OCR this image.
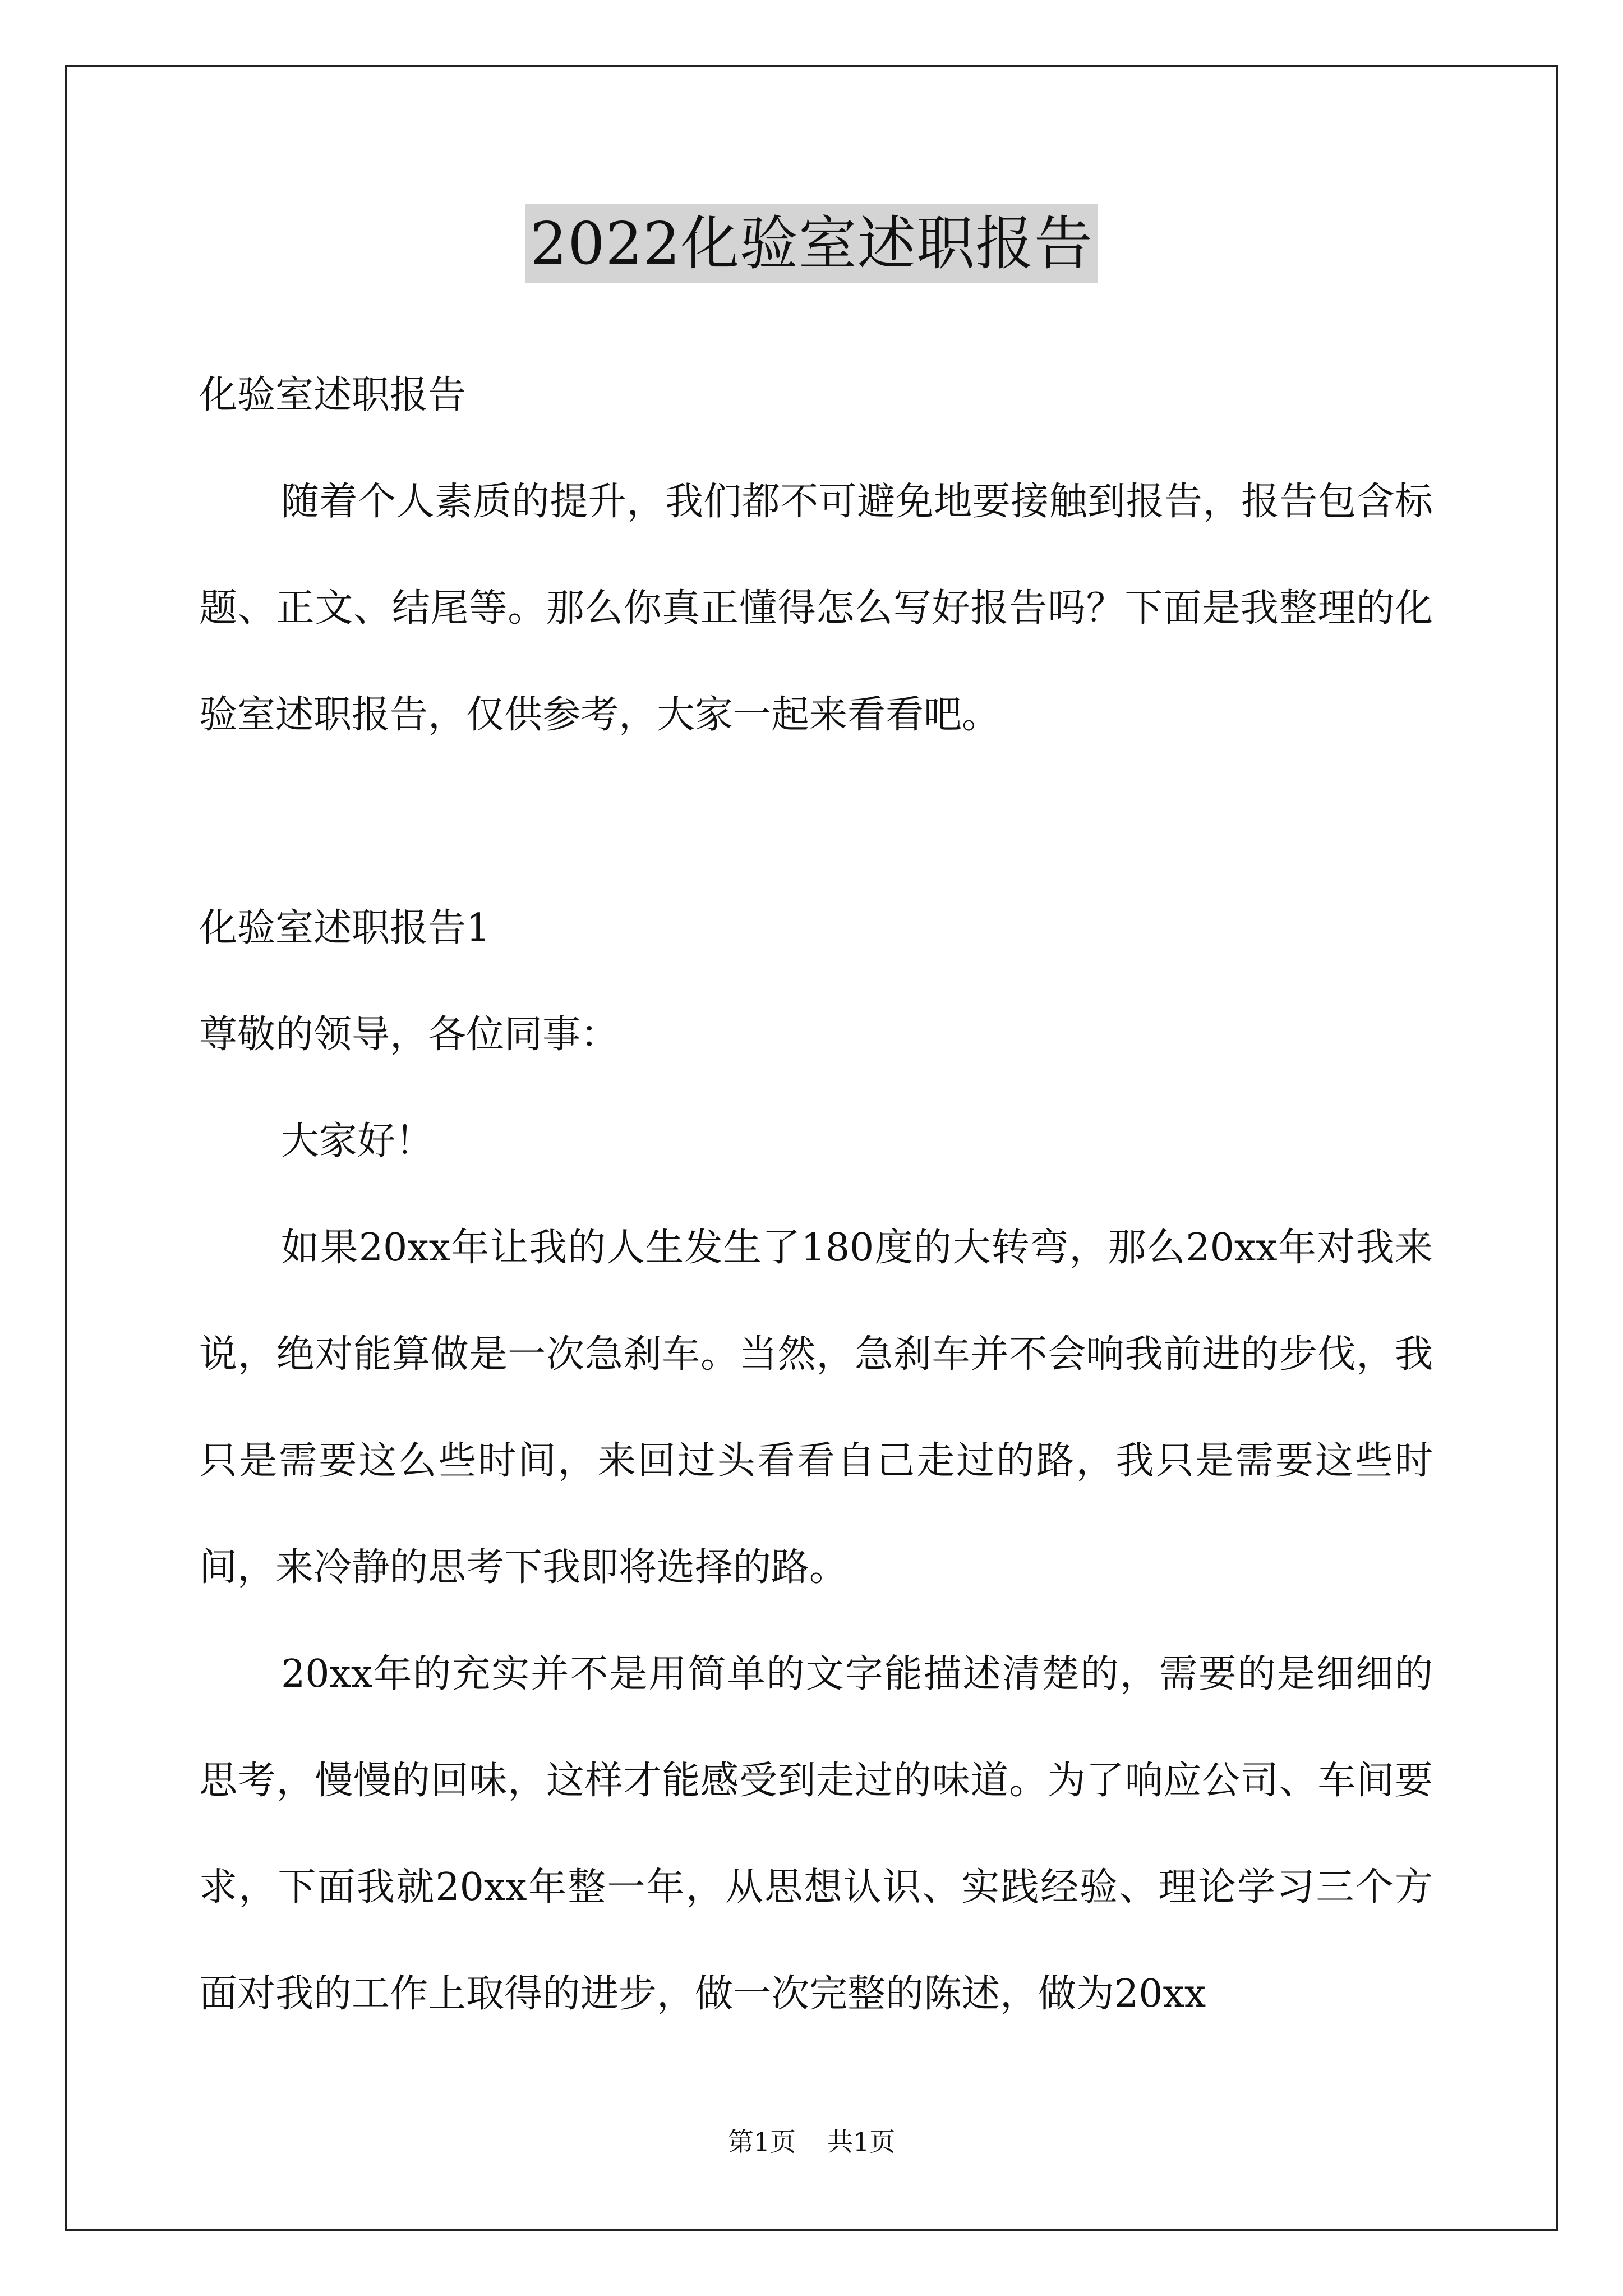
2022化验室述职报告

化验室述职报告

随着个人素质的提升，我们都不可避免地要接触到报告，报告包含标题、正文、结尾等。那么你真正懂得怎么写好报告吗？下面是我整理的化验室述职报告，仅供参考，大家一起来看看吧。

化验室述职报告1

尊敬的领导，各位同事：

大家好！

如果20xx年让我的人生发生了180度的大转弯，那么20xx年对我来说，绝对能算做是一次急刹车。当然，急刹车并不会响我前进的步伐，我只是需要这么些时间，来回过头看看自己走过的路，我只是需要这些时间，来冷静的思考下我即将选择的路。

20xx年的充实并不是用简单的文字能描述清楚的，需要的是细细的思考，慢慢的回味，这样才能感受到走过的味道。为了响应公司、车间要求，下面我就20xx年整一年，从思想认识、实践经验、理论学习三个方面对我的工作上取得的进步，做一次完整的陈述，做为20xx

第1页 共1页
